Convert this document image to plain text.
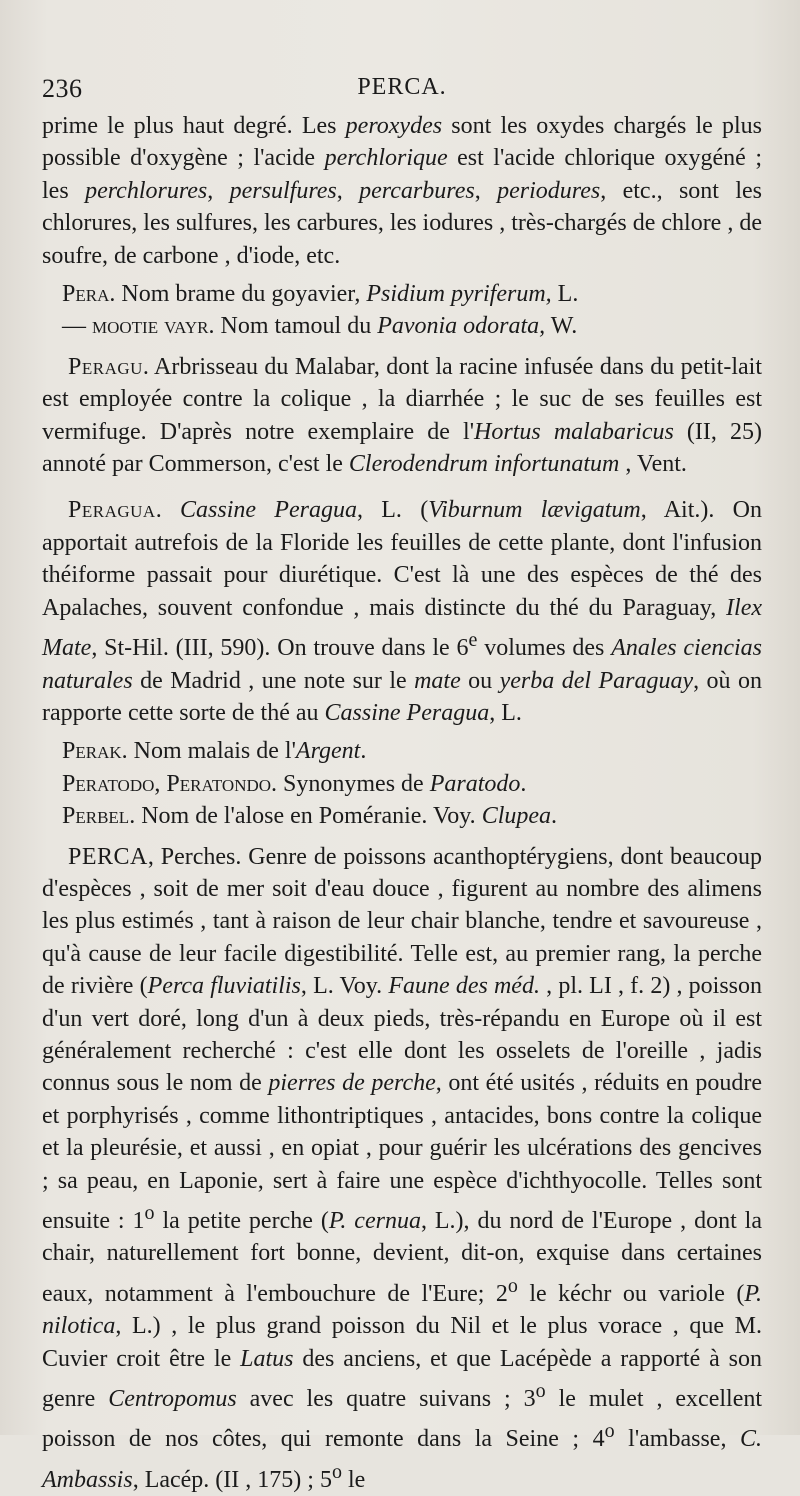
236	PERCA.

prime le plus haut degré. Les peroxydes sont les oxydes chargés le plus possible d'oxygène ; l'acide perchlorique est l'acide chlorique oxygéné ; les perchlorures, persulfures, percarbures, periodures, etc., sont les chlorures, les sulfures, les carbures, les iodures , très-chargés de chlore , de soufre, de carbone , d'iode, etc.

Pera. Nom brame du goyavier, Psidium pyriferum, L.

— mootie vayr. Nom tamoul du Pavonia odorata, W.

Peragu. Arbrisseau du Malabar, dont la racine infusée dans du petit-lait est employée contre la colique , la diarrhée ; le suc de ses feuilles est vermifuge. D'après notre exemplaire de l'Hortus malabaricus (II, 25) annoté par Commerson, c'est le Clerodendrum infortunatum , Vent.

Peragua. Cassine Peragua, L. (Viburnum lævigatum, Ait.). On apportait autrefois de la Floride les feuilles de cette plante, dont l'infusion théiforme passait pour diurétique. C'est là une des espèces de thé des Apalaches, souvent confondue , mais distincte du thé du Paraguay, Ilex Mate, St-Hil. (III, 590). On trouve dans le 6e volumes des Anales ciencias naturales de Madrid , une note sur le mate ou yerba del Paraguay, où on rapporte cette sorte de thé au Cassine Peragua, L.

Perak. Nom malais de l'Argent.

Peratodo, Peratondo. Synonymes de Paratodo.

Perbel. Nom de l'alose en Poméranie. Voy. Clupea.

PERCA, Perches. Genre de poissons acanthoptérygiens, dont beaucoup d'espèces , soit de mer soit d'eau douce , figurent au nombre des alimens les plus estimés , tant à raison de leur chair blanche, tendre et savoureuse , qu'à cause de leur facile digestibilité. Telle est, au premier rang, la perche de rivière (Perca fluviatilis, L. Voy. Faune des méd. , pl. LI , f. 2) , poisson d'un vert doré, long d'un à deux pieds, très-répandu en Europe où il est généralement recherché : c'est elle dont les osselets de l'oreille , jadis connus sous le nom de pierres de perche, ont été usités , réduits en poudre et porphyrisés , comme lithontriptiques , antacides, bons contre la colique et la pleurésie, et aussi , en opiat , pour guérir les ulcérations des gencives ; sa peau, en Laponie, sert à faire une espèce d'ichthyocolle. Telles sont ensuite : 1$^o$ la petite perche (P. cernua, L.), du nord de l'Europe , dont la chair, naturellement fort bonne, devient, dit-on, exquise dans certaines eaux, notamment à l'embouchure de l'Eure; 2$^o$ le kéchr ou variole (P. nilotica, L.) , le plus grand poisson du Nil et le plus vorace , que M. Cuvier croit être le Latus des anciens, et que Lacépède a rapporté à son genre Centropomus avec les quatre suivans ; 3$^o$ le mulet , excellent poisson de nos côtes, qui remonte dans la Seine ; 4$^o$ l'ambasse, C. Ambassis, Lacép. (II , 175) ; 5$^o$ le
